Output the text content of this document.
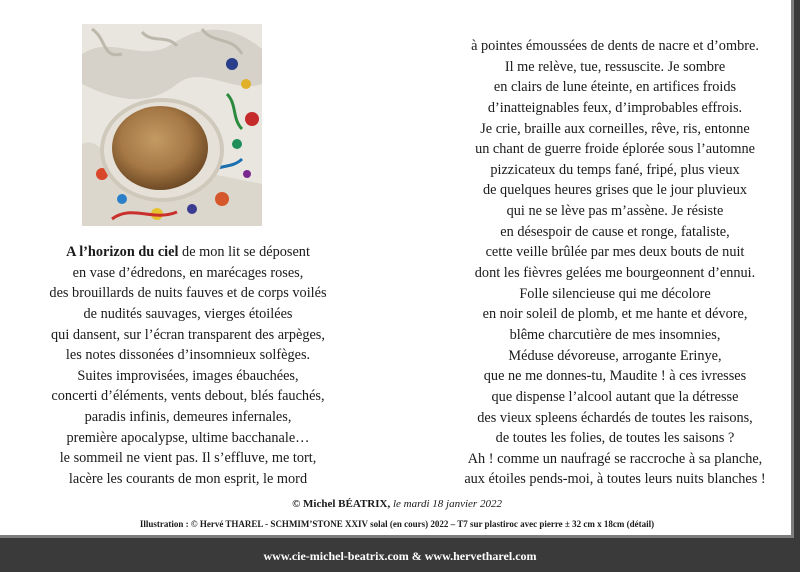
A l’horizon du ciel de mon lit se déposent
en vase d’édredons, en marécages roses,
des brouillards de nuits fauves et de corps voilés
de nudités sauvages, vierges étoilées
qui dansent, sur l’écran transparent des arpèges,
les notes dissonées d’insomnieux solfèges.
Suites improvisées, images ébauchées,
concerti d’éléments, vents debout, blés fauchés,
paradis infinis, demeures infernales,
première apocalypse, ultime bacchanale…
le sommeil ne vient pas. Il s’effluve, me tort,
lacère les courants de mon esprit, le mord
à pointes émoussées de dents de nacre et d’ombre.
Il me relève, tue, ressuscite. Je sombre
en clairs de lune éteinte, en artifices froids
d’inatteignables feux, d’improbables effrois.
Je crie, braille aux corneilles, rêve, ris, entonne
un chant de guerre froide éplorée sous l’automne
pizzicateux du temps fané, fripé, plus vieux
de quelques heures grises que le jour pluvieux
qui ne se lève pas m’assène. Je résiste
en désespoir de cause et ronge, fataliste,
cette veille brûlée par mes deux bouts de nuit
dont les fièvres gelées me bourgeonnent d’ennui.
Folle silencieuse qui me décolore
en noir soleil de plomb, et me hante et dévore,
blême charcutière de mes insomnies,
Méduse dévoreuse, arrogante Erinye,
que ne me donnes-tu, Maudite ! à ces ivresses
que dispense l’alcool autant que la détresse
des vieux spleens échardés de toutes les raisons,
de toutes les folies, de toutes les saisons ?
Ah ! comme un naufragé se raccroche à sa planche,
aux étoiles pends-moi, à toutes leurs nuits blanches !
© Michel BÉATRIX, le mardi 18 janvier 2022
Illustration : © Hervé THAREL - SCHMIM’STONE XXIV solal (en cours) 2022 – T7 sur plastiroc avec pierre ± 32 cm x 18cm (détail)
www.cie-michel-beatrix.com & www.hervetharel.com
